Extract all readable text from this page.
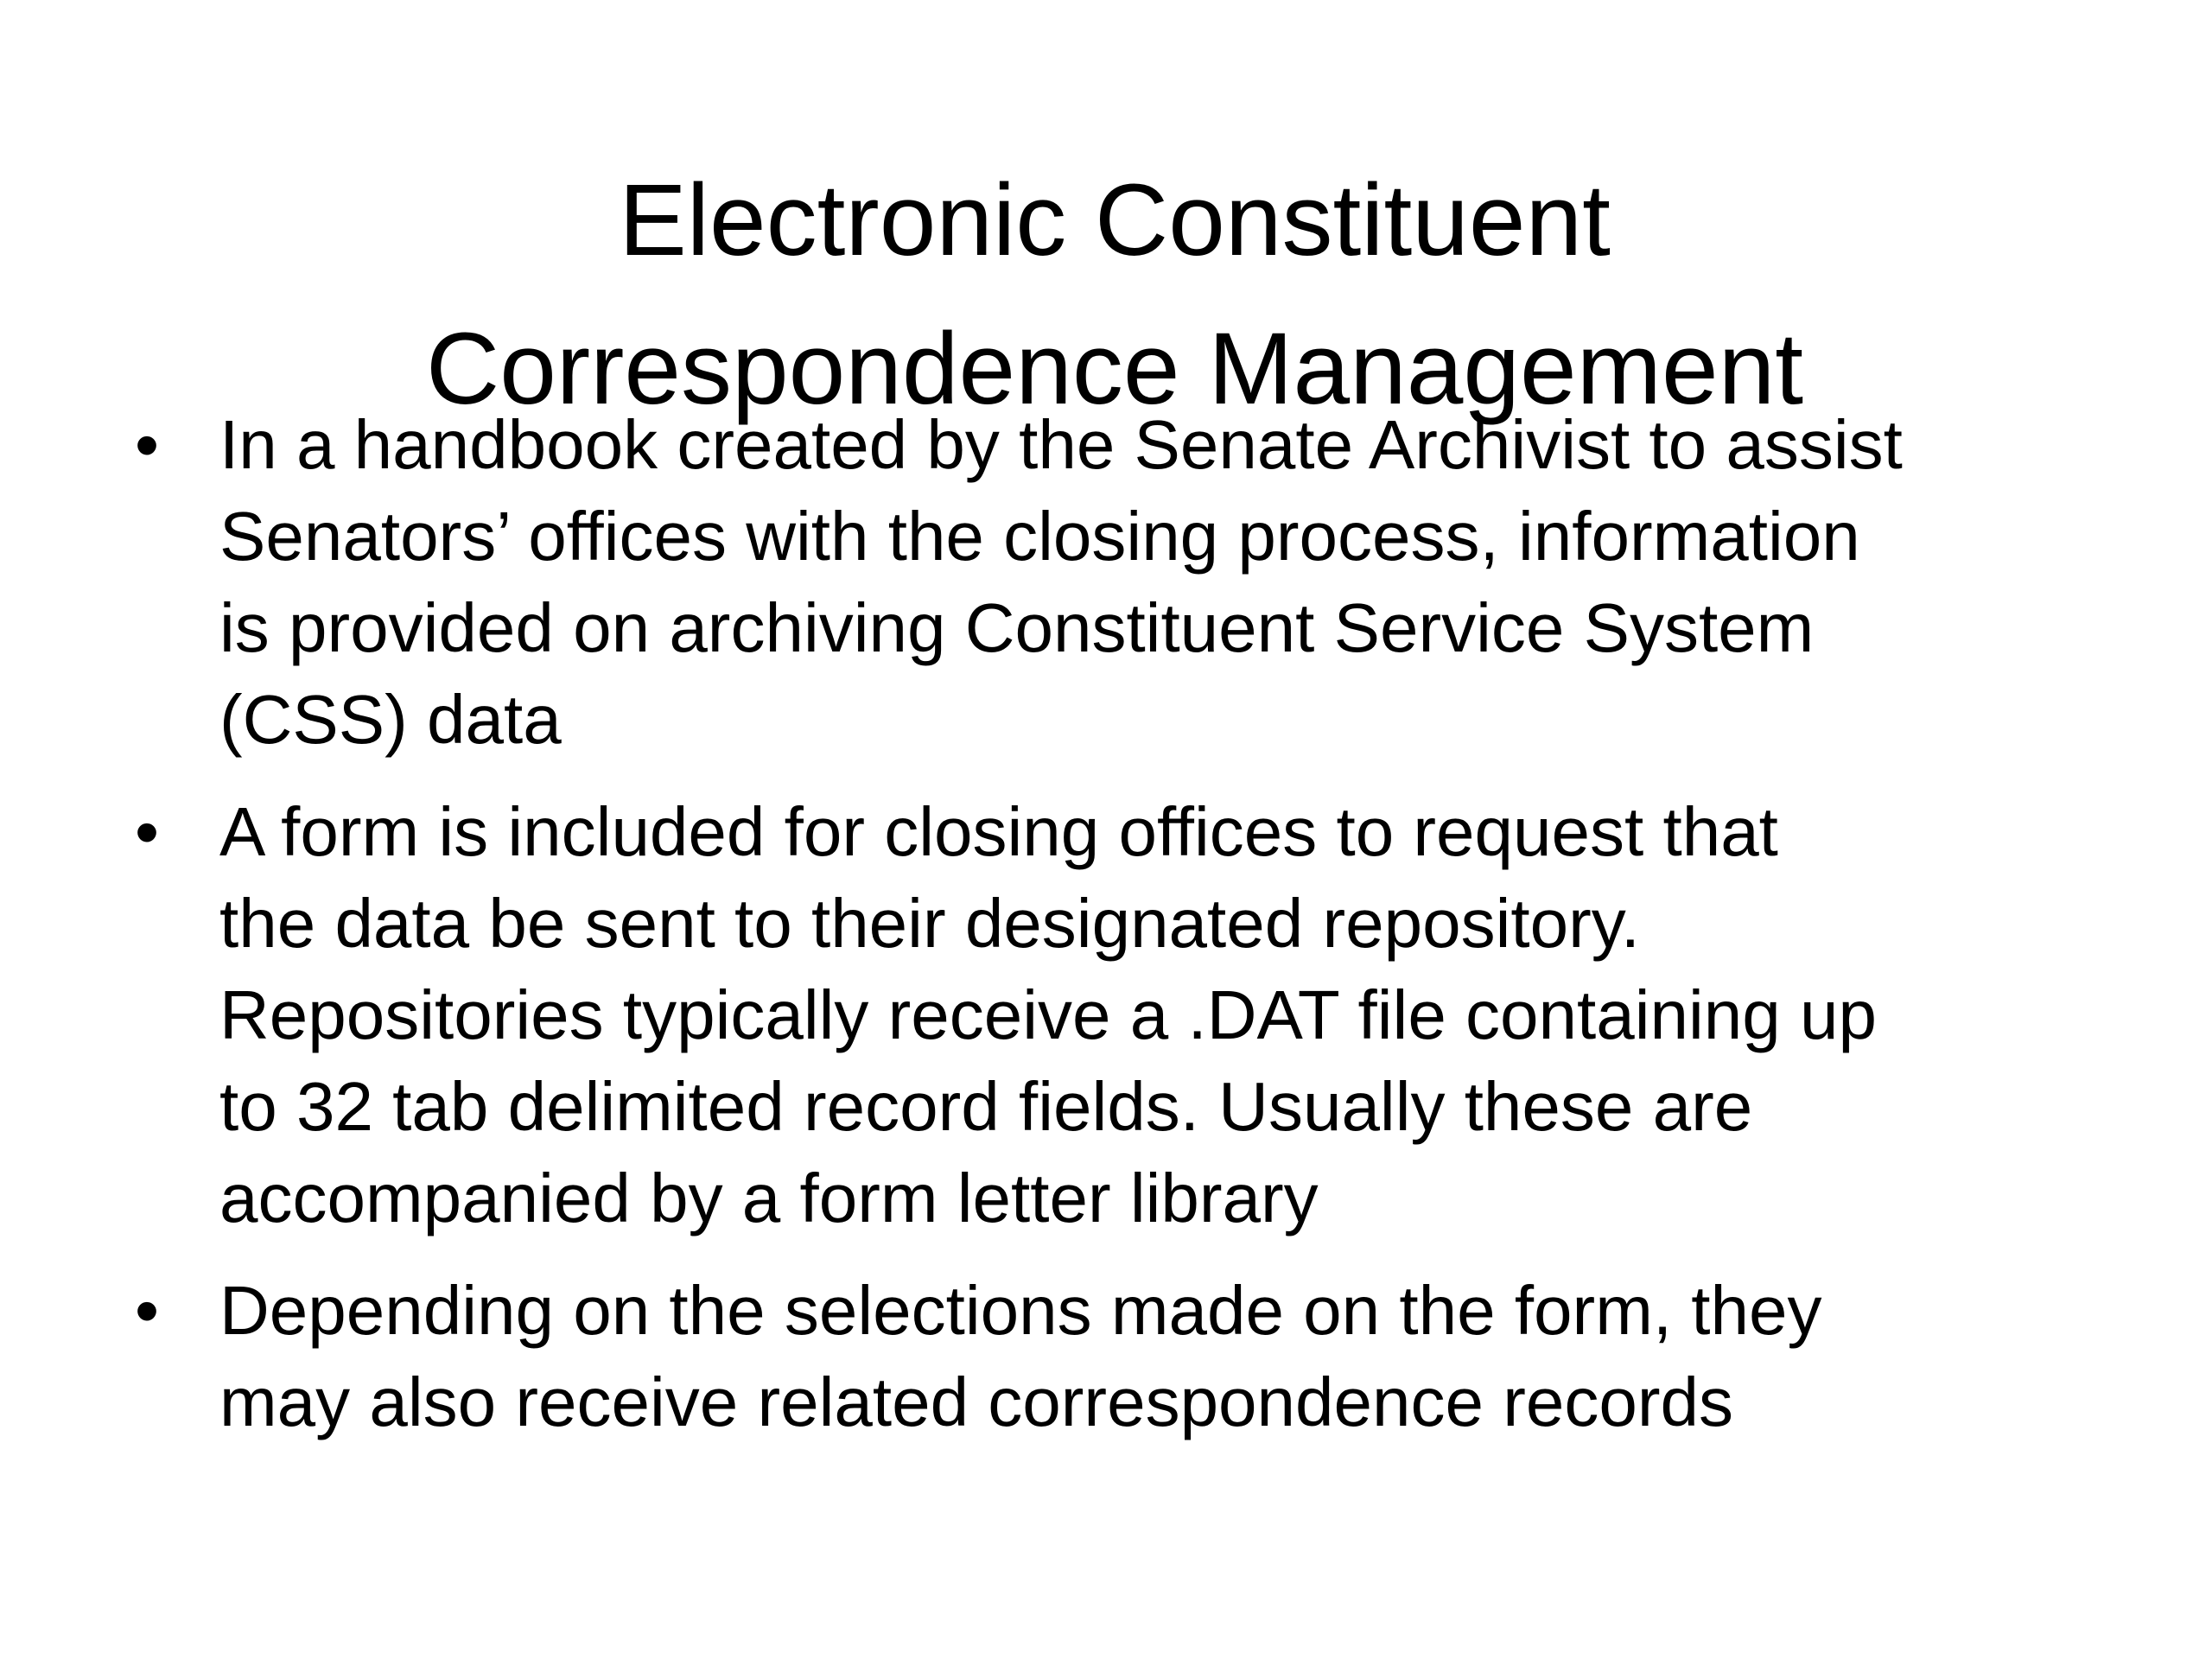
Electronic Constituent
Correspondence Management
• In a handbook created by the Senate Archivist to assist
Senators’ offices with the closing process, information
is provided on archiving Constituent Service System
(CSS) data
• A form is included for closing offices to request that
the data be sent to their designated repository.
Repositories typically receive a .DAT file containing up
to 32 tab delimited record fields. Usually these are
accompanied by a form letter library
• Depending on the selections made on the form, they
may also receive related correspondence records
